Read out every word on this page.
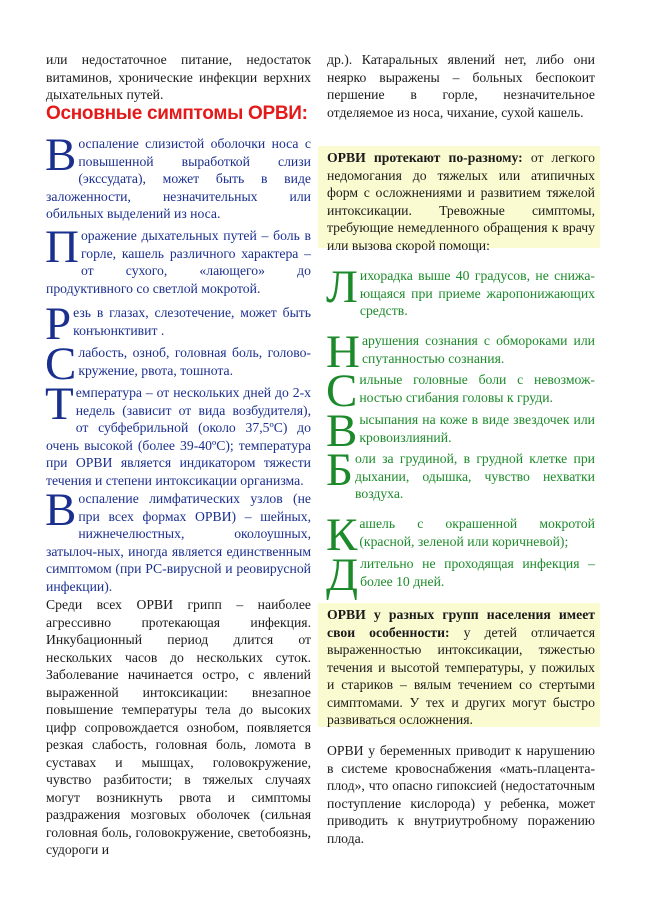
или недостаточное питание, недостаток витаминов, хронические инфекции верхних дыхательных путей.

Основные симптомы ОРВИ:
В оспаление слизистой оболочки носа с повышенной выработкой слизи (экссудата), может быть в виде заложенности, незначительных или обильных выделений из носа.

П оражение дыхательных путей – боль в горле, кашель различного характера – от сухого, «лающего» до продуктивного со светлой мокротой.

Р езь в глазах, слезотечение, может быть конъюнктивит .

С лабость, озноб, головная боль, голово-кружение, рвота, тошнота.

Т емпература – от нескольких дней до 2-х недель (зависит от вида возбудителя), от субфебрильной (около 37,5ºС) до очень высокой (более 39-40ºС); температура при ОРВИ является индикатором тяжести течения и степени интоксикации организма.

В оспаление лимфатических узлов (не при всех формах ОРВИ) – шейных, нижнечелюстных, околоушных, затылоч-ных, иногда является единственным симптомом (при РС-вирусной и реовирусной инфекции).

Среди всех ОРВИ грипп – наиболее агрессивно протекающая инфекция. Инкубационный период длится от нескольких часов до нескольких суток. Заболевание начинается остро, с явлений выраженной интоксикации: внезапное повышение температуры тела до высоких цифр сопровождается ознобом, появляется резкая слабость, головная боль, ломота в суставах и мышцах, головокружение, чувство разбитости; в тяжелых случаях могут возникнуть рвота и симптомы раздражения мозговых оболочек (сильная головная боль, головокружение, светобоязнь, судороги и

др.). Катаральных явлений нет, либо они неярко выражены – больных беспокоит першение в горле, незначительное отделяемое из носа, чихание, сухой кашель.

ОРВИ протекают по-разному: от легкого недомогания до тяжелых или атипичных форм с осложнениями и развитием тяжелой интоксикации. Тревожные симптомы, требующие немедленного обращения к врачу или вызова скорой помощи:

Л ихорадка выше 40 градусов, не снижа-ющаяся при приеме жаропонижающих средств.

Н арушения сознания с обмороками или спутанностью сознания.

С ильные головные боли с невозмож-ностью сгибания головы к груди.

В ысыпания на коже в виде звездочек или кровоизлияний.

Б оли за грудиной, в грудной клетке при дыхании, одышка, чувство нехватки воздуха.

К ашель с окрашенной мокротой (красной, зеленой или коричневой);

Д лительно не проходящая инфекция – более 10 дней.

ОРВИ у разных групп населения имеет свои особенности: у детей отличается выраженностью интоксикации, тяжестью течения и высотой температуры, у пожилых и стариков – вялым течением со стертыми симптомами. У тех и других могут быстро развиваться осложнения.

ОРВИ у беременных приводит к нарушению в системе кровоснабжения «мать-плацента-плод», что опасно гипоксией (недостаточным поступление кислорода) у ребенка, может приводить к внутриутробному поражению плода.
